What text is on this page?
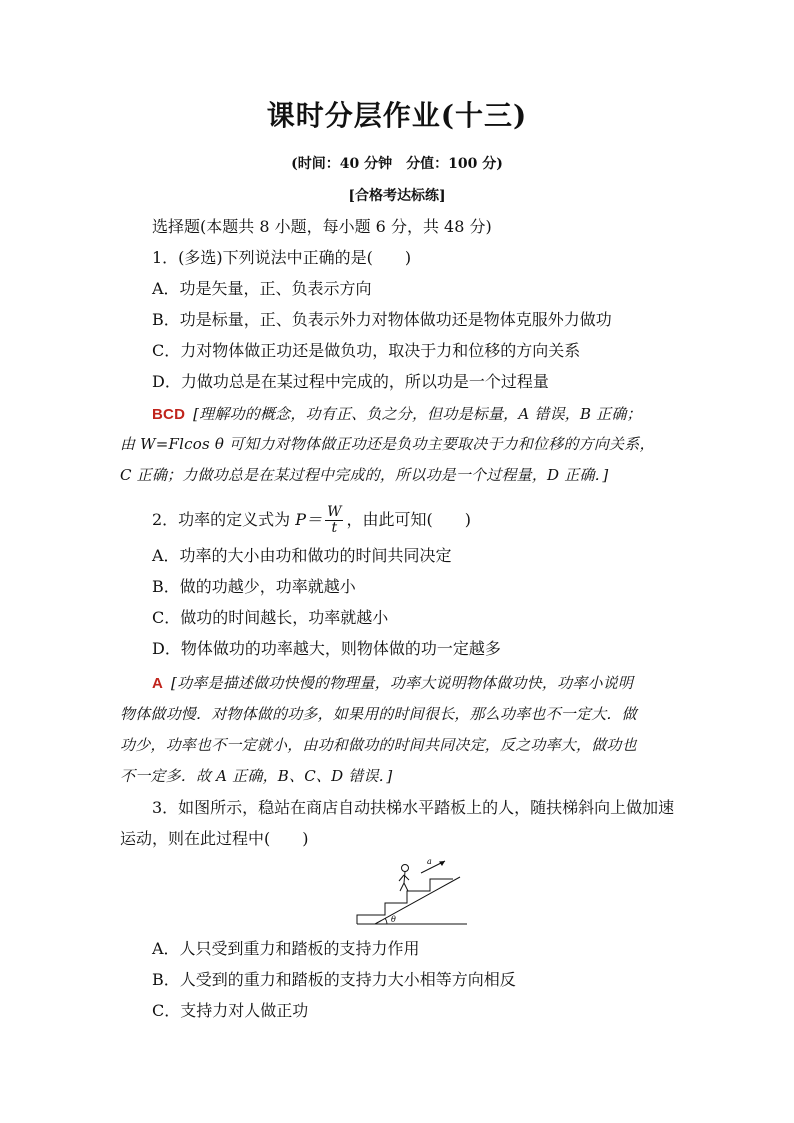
课时分层作业(十三)
(时间：40 分钟　分值：100 分)
[合格考达标练]
选择题(本题共 8 小题，每小题 6 分，共 48 分)
1．(多选)下列说法中正确的是(　　)
A．功是矢量，正、负表示方向
B．功是标量，正、负表示外力对物体做功还是物体克服外力做功
C．力对物体做正功还是做负功，取决于力和位移的方向关系
D．力做功总是在某过程中完成的，所以功是一个过程量
BCD [理解功的概念，功有正、负之分，但功是标量，A 错误，B 正确；
由 W=Flcos θ 可知力对物体做正功还是负功主要取决于力和位移的方向关系，
C 正确；力做功总是在某过程中完成的，所以功是一个过程量，D 正确．]
2．功率的定义式为 $P= \frac{W}{t}$ ，由此可知(　　)
A．功率的大小由功和做功的时间共同决定
B．做的功越少，功率就越小
C．做功的时间越长，功率就越小
D．物体做功的功率越大，则物体做的功一定越多
A [功率是描述做功快慢的物理量，功率大说明物体做功快，功率小说明
物体做功慢．对物体做的功多，如果用的时间很长，那么功率也不一定大．做
功少，功率也不一定就小，由功和做功的时间共同决定，反之功率大，做功也
不一定多．故 A 正确，B、C、D 错误．]
3．如图所示，稳站在商店自动扶梯水平踏板上的人，随扶梯斜向上做加速
运动，则在此过程中(　　)
θ
a
A．人只受到重力和踏板的支持力作用
B．人受到的重力和踏板的支持力大小相等方向相反
C．支持力对人做正功
